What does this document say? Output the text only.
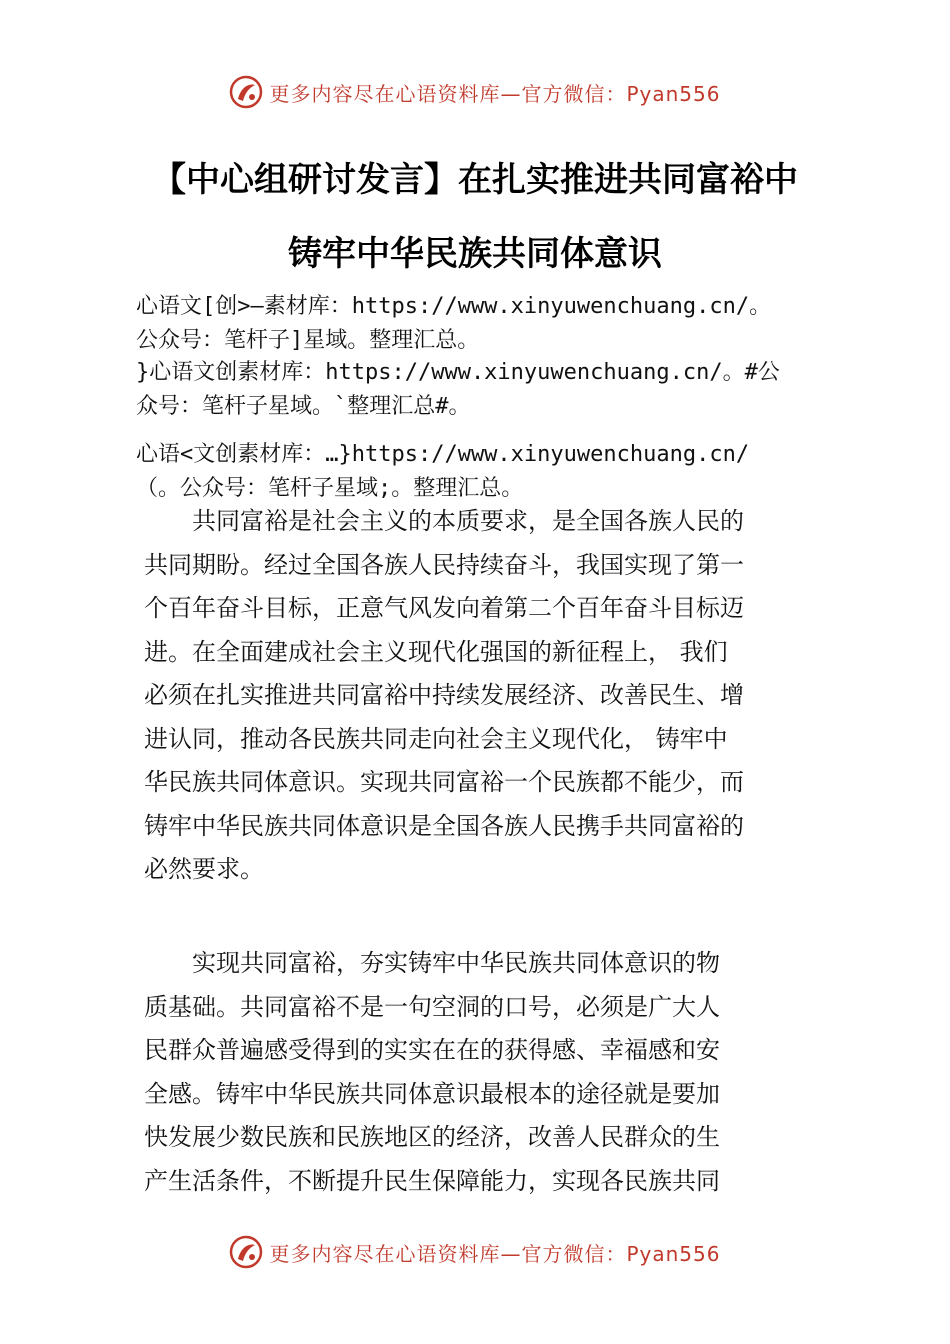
更多内容尽在心语资料库—官方微信：Pyan556
【中心组研讨发言】在扎实推进共同富裕中
铸牢中华民族共同体意识
心语文[创>—素材库：https://www.xinyuwenchuang.cn/。
公众号：笔杆子]星域。整理汇总。
}心语文创素材库：https://www.xinyuwenchuang.cn/。#公
众号：笔杆子星域。`整理汇总#。
心语<文创素材库：…}https://www.xinyuwenchuang.cn/
（。公众号：笔杆子星域;。整理汇总。
　　共同富裕是社会主义的本质要求，是全国各族人民的
共同期盼。经过全国各族人民持续奋斗，我国实现了第一
个百年奋斗目标，正意气风发向着第二个百年奋斗目标迈
进。在全面建成社会主义现代化强国的新征程上， 我们
必须在扎实推进共同富裕中持续发展经济、改善民生、增
进认同，推动各民族共同走向社会主义现代化， 铸牢中
华民族共同体意识。实现共同富裕一个民族都不能少，而
铸牢中华民族共同体意识是全国各族人民携手共同富裕的
必然要求。
　　实现共同富裕，夯实铸牢中华民族共同体意识的物
质基础。共同富裕不是一句空洞的口号，必须是广大人
民群众普遍感受得到的实实在在的获得感、幸福感和安
全感。铸牢中华民族共同体意识最根本的途径就是要加
快发展少数民族和民族地区的经济，改善人民群众的生
产生活条件，不断提升民生保障能力，实现各民族共同
更多内容尽在心语资料库—官方微信：Pyan556
